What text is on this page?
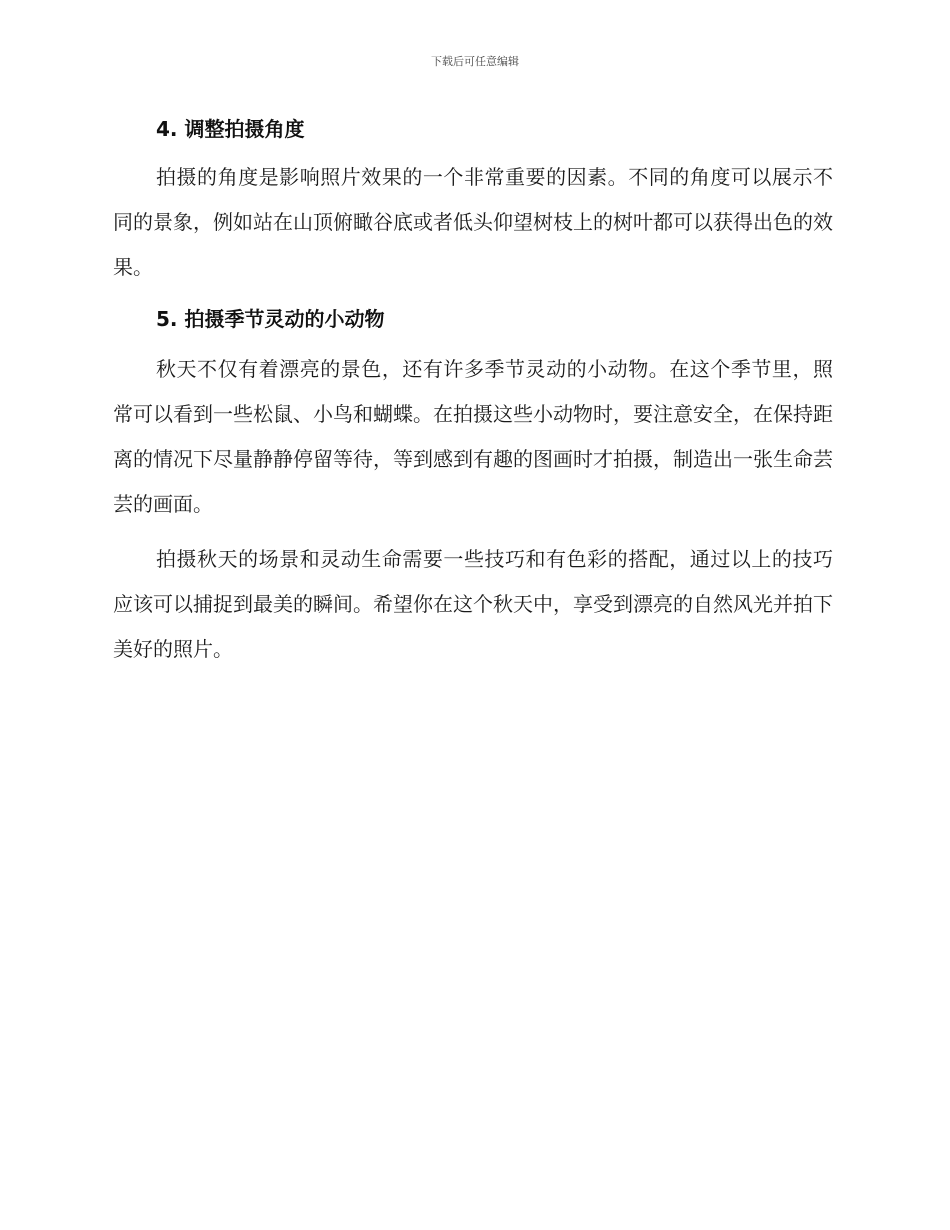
下载后可任意编辑
4. 调整拍摄角度

拍摄的角度是影响照片效果的一个非常重要的因素。不同的角度可以展示不同的景象，例如站在山顶俯瞰谷底或者低头仰望树枝上的树叶都可以获得出色的效果。

5. 拍摄季节灵动的小动物

秋天不仅有着漂亮的景色，还有许多季节灵动的小动物。在这个季节里，照常可以看到一些松鼠、小鸟和蝴蝶。在拍摄这些小动物时，要注意安全，在保持距离的情况下尽量静静停留等待，等到感到有趣的图画时才拍摄，制造出一张生命芸芸的画面。

拍摄秋天的场景和灵动生命需要一些技巧和有色彩的搭配，通过以上的技巧应该可以捕捉到最美的瞬间。希望你在这个秋天中，享受到漂亮的自然风光并拍下美好的照片。
